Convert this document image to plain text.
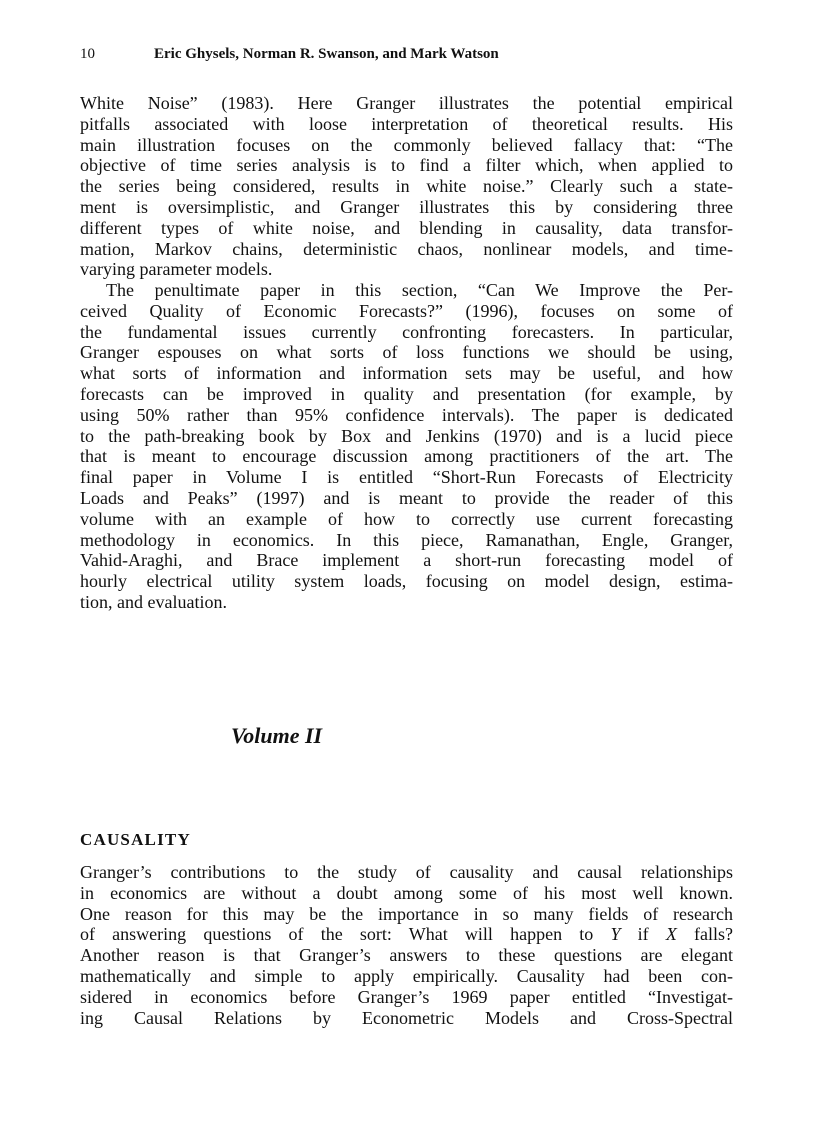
10	Eric Ghysels, Norman R. Swanson, and Mark Watson
White Noise” (1983). Here Granger illustrates the potential empirical
pitfalls associated with loose interpretation of theoretical results. His
main illustration focuses on the commonly believed fallacy that: “The
objective of time series analysis is to find a filter which, when applied to
the series being considered, results in white noise.” Clearly such a state-
ment is oversimplistic, and Granger illustrates this by considering three
different types of white noise, and blending in causality, data transfor-
mation, Markov chains, deterministic chaos, nonlinear models, and time-
varying parameter models.
The penultimate paper in this section, “Can We Improve the Per-
ceived Quality of Economic Forecasts?” (1996), focuses on some of
the fundamental issues currently confronting forecasters. In particular,
Granger espouses on what sorts of loss functions we should be using,
what sorts of information and information sets may be useful, and how
forecasts can be improved in quality and presentation (for example, by
using 50% rather than 95% confidence intervals). The paper is dedicated
to the path-breaking book by Box and Jenkins (1970) and is a lucid piece
that is meant to encourage discussion among practitioners of the art. The
final paper in Volume I is entitled “Short-Run Forecasts of Electricity
Loads and Peaks” (1997) and is meant to provide the reader of this
volume with an example of how to correctly use current forecasting
methodology in economics. In this piece, Ramanathan, Engle, Granger,
Vahid-Araghi, and Brace implement a short-run forecasting model of
hourly electrical utility system loads, focusing on model design, estima-
tion, and evaluation.
Volume II
CAUSALITY
Granger’s contributions to the study of causality and causal relationships
in economics are without a doubt among some of his most well known.
One reason for this may be the importance in so many fields of research
of answering questions of the sort: What will happen to Y if X falls?
Another reason is that Granger’s answers to these questions are elegant
mathematically and simple to apply empirically. Causality had been con-
sidered in economics before Granger’s 1969 paper entitled “Investigat-
ing Causal Relations by Econometric Models and Cross-Spectral
